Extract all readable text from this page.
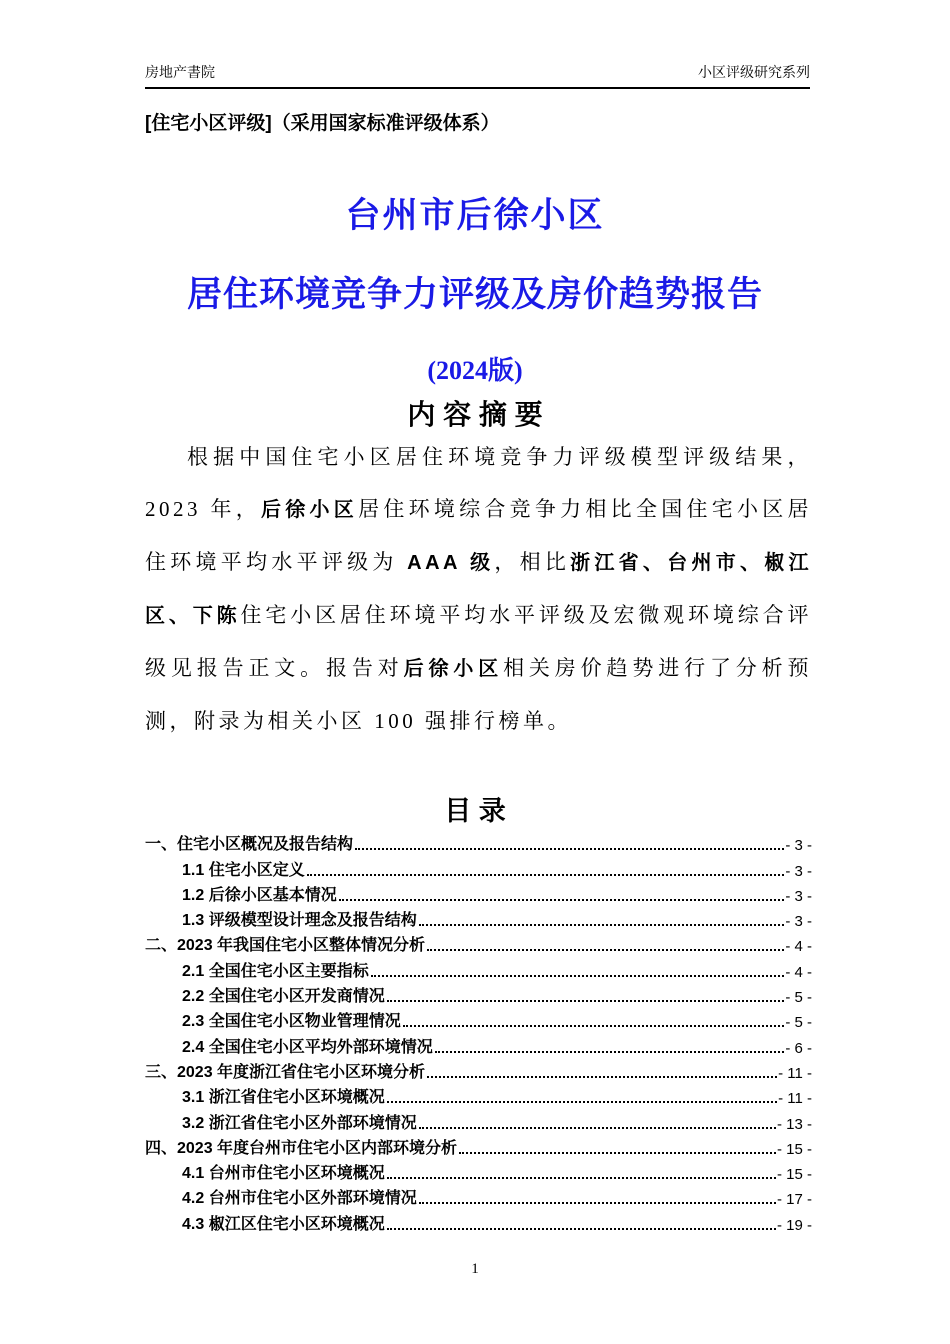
房地产書院	小区评级研究系列
[住宅小区评级]（采用国家标准评级体系）
台州市后徐小区
居住环境竞争力评级及房价趋势报告
(2024版)
内 容 摘 要

根据中国住宅小区居住环境竞争力评级模型评级结果，2023 年，后徐小区居住环境综合竞争力相比全国住宅小区居住环境平均水平评级为 AAA 级，相比浙江省、台州市、椒江区、下陈住宅小区居住环境平均水平评级及宏微观环境综合评级见报告正文。报告对后徐小区相关房价趋势进行了分析预测，附录为相关小区 100 强排行榜单。

目 录
一、住宅小区概况及报告结构	- 3 -
1.1 住宅小区定义	- 3 -
1.2 后徐小区基本情况	- 3 -
1.3 评级模型设计理念及报告结构	- 3 -
二、2023 年我国住宅小区整体情况分析	- 4 -
2.1 全国住宅小区主要指标	- 4 -
2.2 全国住宅小区开发商情况	- 5 -
2.3 全国住宅小区物业管理情况	- 5 -
2.4 全国住宅小区平均外部环境情况	- 6 -
三、2023 年度浙江省住宅小区环境分析	- 11 -
3.1 浙江省住宅小区环境概况	- 11 -
3.2 浙江省住宅小区外部环境情况	- 13 -
四、2023 年度台州市住宅小区内部环境分析	- 15 -
4.1 台州市住宅小区环境概况	- 15 -
4.2 台州市住宅小区外部环境情况	- 17 -
4.3 椒江区住宅小区环境概况	- 19 -
1
